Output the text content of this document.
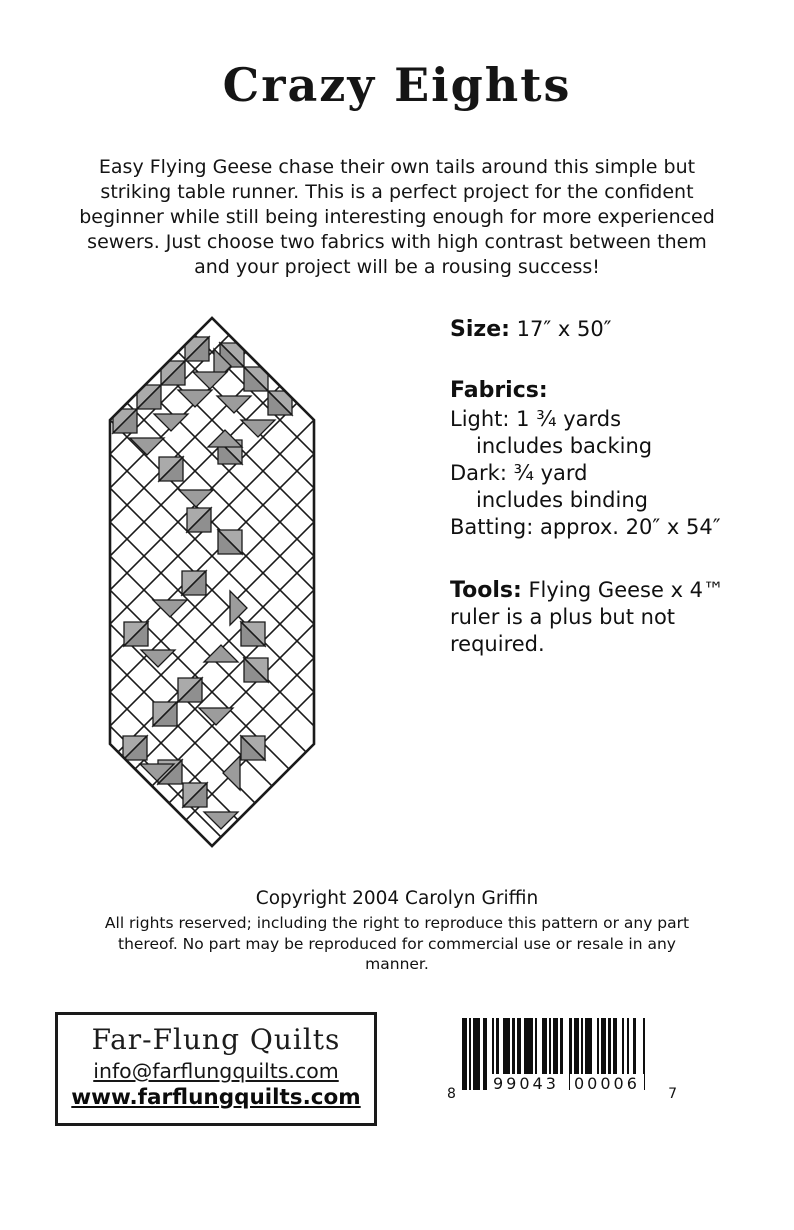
Crazy Eights
Easy Flying Geese chase their own tails around this simple but striking table runner. This is a perfect project for the confident beginner while still being interesting enough for more experienced sewers. Just choose two fabrics with high contrast between them and your project will be a rousing success!

Size: 17″ x 50″

Fabrics:
Light: 1 ¾ yards
includes backing
Dark: ¾ yard
includes binding
Batting: approx. 20″ x 54″

Tools: Flying Geese x 4™ ruler is a plus but not required.

Copyright 2004 Carolyn Griffin
All rights reserved; including the right to reproduce this pattern or any part thereof. No part may be reproduced for commercial use or resale in any manner.
Far-Flung Quilts
info@farflungquilts.com
www.farflungquilts.com	8
99043 00006
7
